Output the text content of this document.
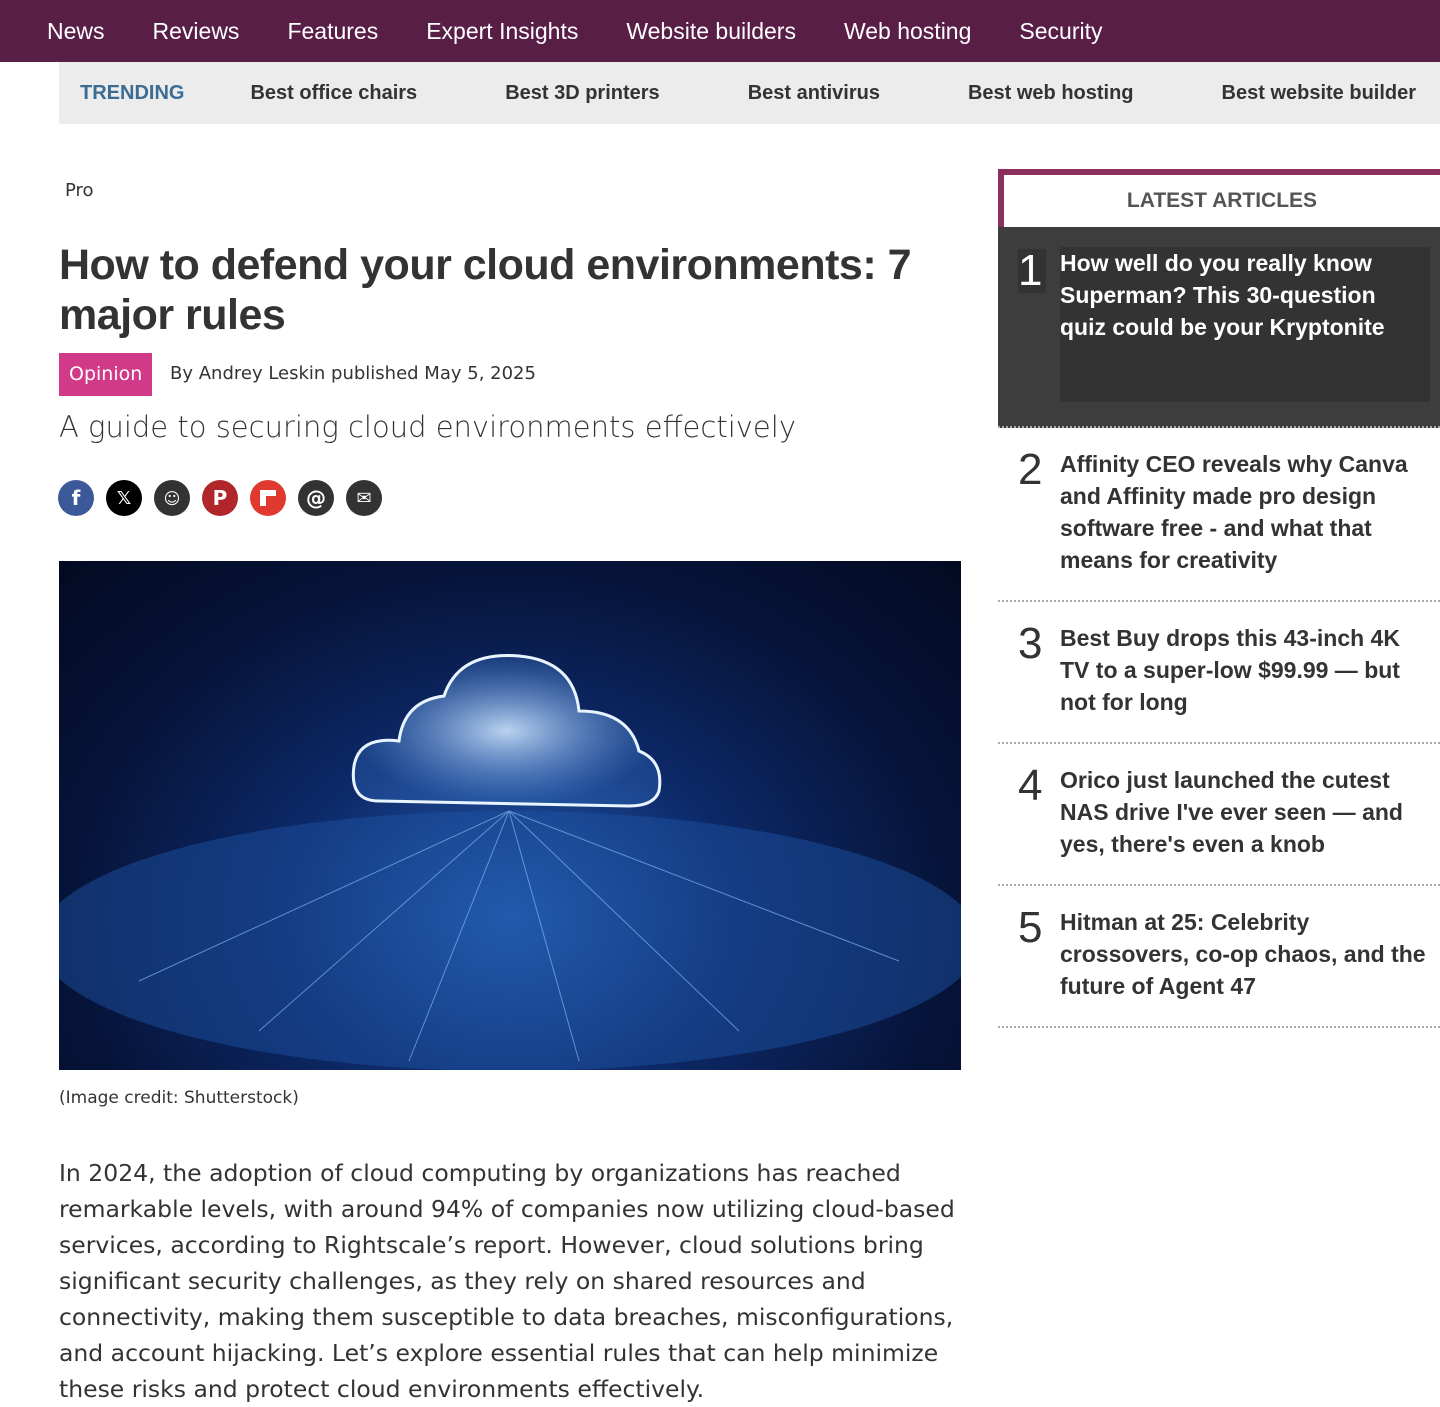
News Reviews Features Expert Insights Website builders Web hosting Security
TRENDING	Best office chairs	Best 3D printers	Best antivirus	Best web hosting	Best website builder
Pro
How to defend your cloud environments: 7 major rules
Opinion	By Andrey Leskin published May 5, 2025
A guide to securing cloud environments effectively
f	𝕏	☺	P	@	✉
(Image credit: Shutterstock)
In 2024, the adoption of cloud computing by organizations has reached remarkable levels, with around 94% of companies now utilizing cloud-based services, according to Rightscale’s report. However, cloud solutions bring significant security challenges, as they rely on shared resources and connectivity, making them susceptible to data breaches, misconfigurations, and account hijacking. Let’s explore essential rules that can help minimize these risks and protect cloud environments effectively.
LATEST ARTICLES
1 How well do you really know Superman? This 30-question quiz could be your Kryptonite
2 Affinity CEO reveals why Canva and Affinity made pro design software free - and what that means for creativity
3 Best Buy drops this 43-inch 4K TV to a super-low $99.99 — but not for long
4 Orico just launched the cutest NAS drive I've ever seen — and yes, there's even a knob
5 Hitman at 25: Celebrity crossovers, co-op chaos, and the future of Agent 47
